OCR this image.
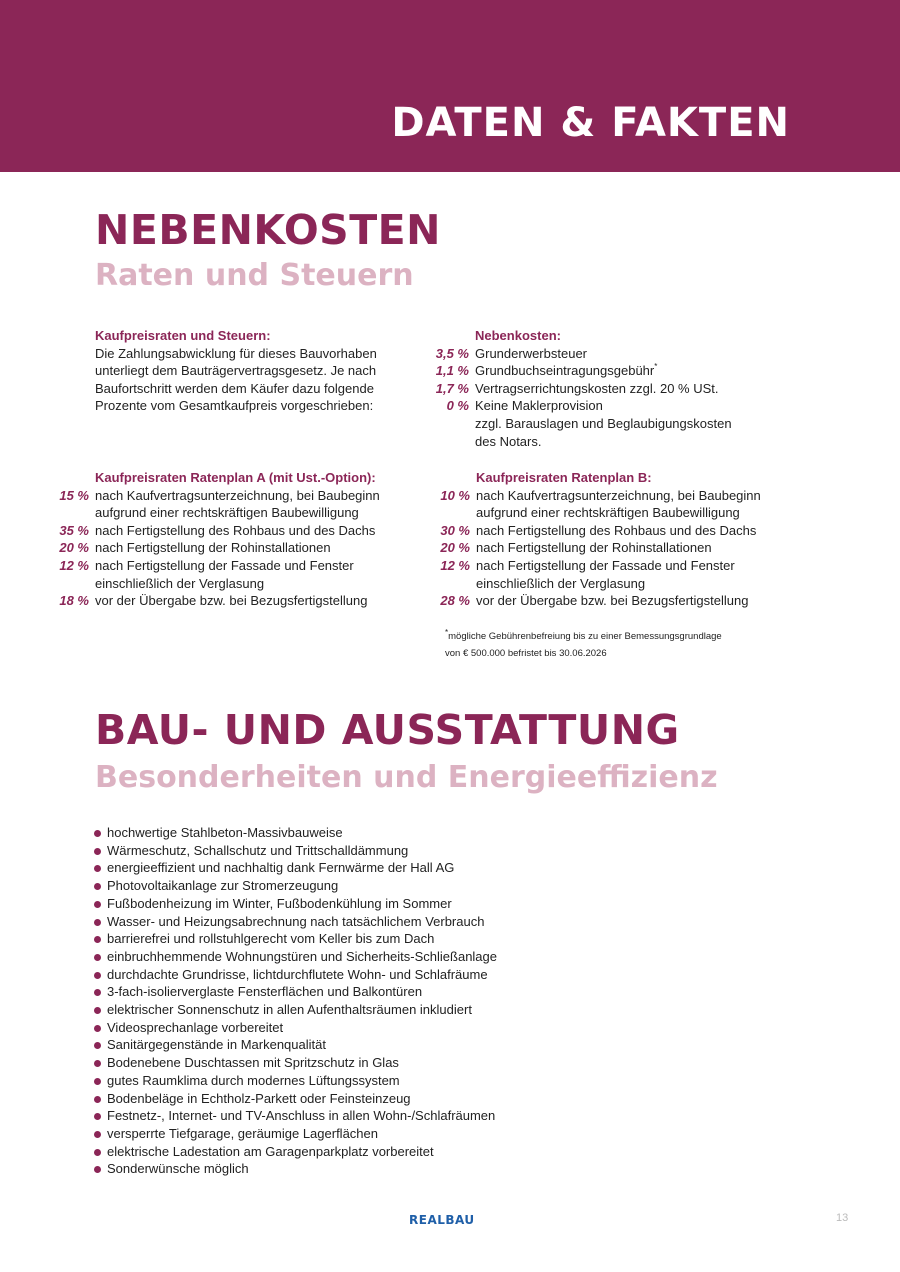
DATEN & FAKTEN
NEBENKOSTEN
Raten und Steuern
Kaufpreisraten und Steuern:

Die Zahlungsabwicklung für dieses Bauvorhaben

unterliegt dem Bauträgervertragsgesetz. Je nach

Baufortschritt werden dem Käufer dazu folgende

Prozente vom Gesamtkaufpreis vorgeschrieben:

Nebenkosten:
3,5 % Grunderwerbsteuer
1,1 % Grundbuchseintragungsgebühr*
1,7 % Vertragserrichtungskosten zzgl. 20 % USt.
0 % Keine Maklerprovision

zzgl. Barauslagen und Beglaubigungskosten

des Notars.

Kaufpreisraten Ratenplan A (mit Ust.-Option):
15 % nach Kaufvertragsunterzeichnung, bei Baubeginn

aufgrund einer rechtskräftigen Baubewilligung

35 % nach Fertigstellung des Rohbaus und des Dachs

20 % nach Fertigstellung der Rohinstallationen

12 % nach Fertigstellung der Fassade und Fenster

einschließlich der Verglasung

18 % vor der Übergabe bzw. bei Bezugsfertigstellung

Kaufpreisraten Ratenplan B:
10 % nach Kaufvertragsunterzeichnung, bei Baubeginn

aufgrund einer rechtskräftigen Baubewilligung

30 % nach Fertigstellung des Rohbaus und des Dachs

20 % nach Fertigstellung der Rohinstallationen

12 % nach Fertigstellung der Fassade und Fenster

einschließlich der Verglasung

28 % vor der Übergabe bzw. bei Bezugsfertigstellung

*mögliche Gebührenbefreiung bis zu einer Bemessungsgrundlage
von € 500.000 befristet bis 30.06.2026
BAU- UND AUSSTATTUNG
Besonderheiten und Energieeffizienz
hochwertige Stahlbeton-Massivbauweise
Wärmeschutz, Schallschutz und Trittschalldämmung
energieeffizient und nachhaltig dank Fernwärme der Hall AG
Photovoltaikanlage zur Stromerzeugung
Fußbodenheizung im Winter, Fußbodenkühlung im Sommer
Wasser- und Heizungsabrechnung nach tatsächlichem Verbrauch
barrierefrei und rollstuhlgerecht vom Keller bis zum Dach
einbruchhemmende Wohnungstüren und Sicherheits-Schließanlage
durchdachte Grundrisse, lichtdurchflutete Wohn- und Schlafräume
3-fach-isolierverglaste Fensterflächen und Balkontüren
elektrischer Sonnenschutz in allen Aufenthaltsräumen inkludiert
Videosprechanlage vorbereitet
Sanitärgegenstände in Markenqualität
Bodenebene Duschtassen mit Spritzschutz in Glas
gutes Raumklima durch modernes Lüftungssystem
Bodenbeläge in Echtholz-Parkett oder Feinsteinzeug
Festnetz-, Internet- und TV-Anschluss in allen Wohn-/Schlafräumen
versperrte Tiefgarage, geräumige Lagerflächen
elektrische Ladestation am Garagenparkplatz vorbereitet
Sonderwünsche möglich
REALBAU	13
